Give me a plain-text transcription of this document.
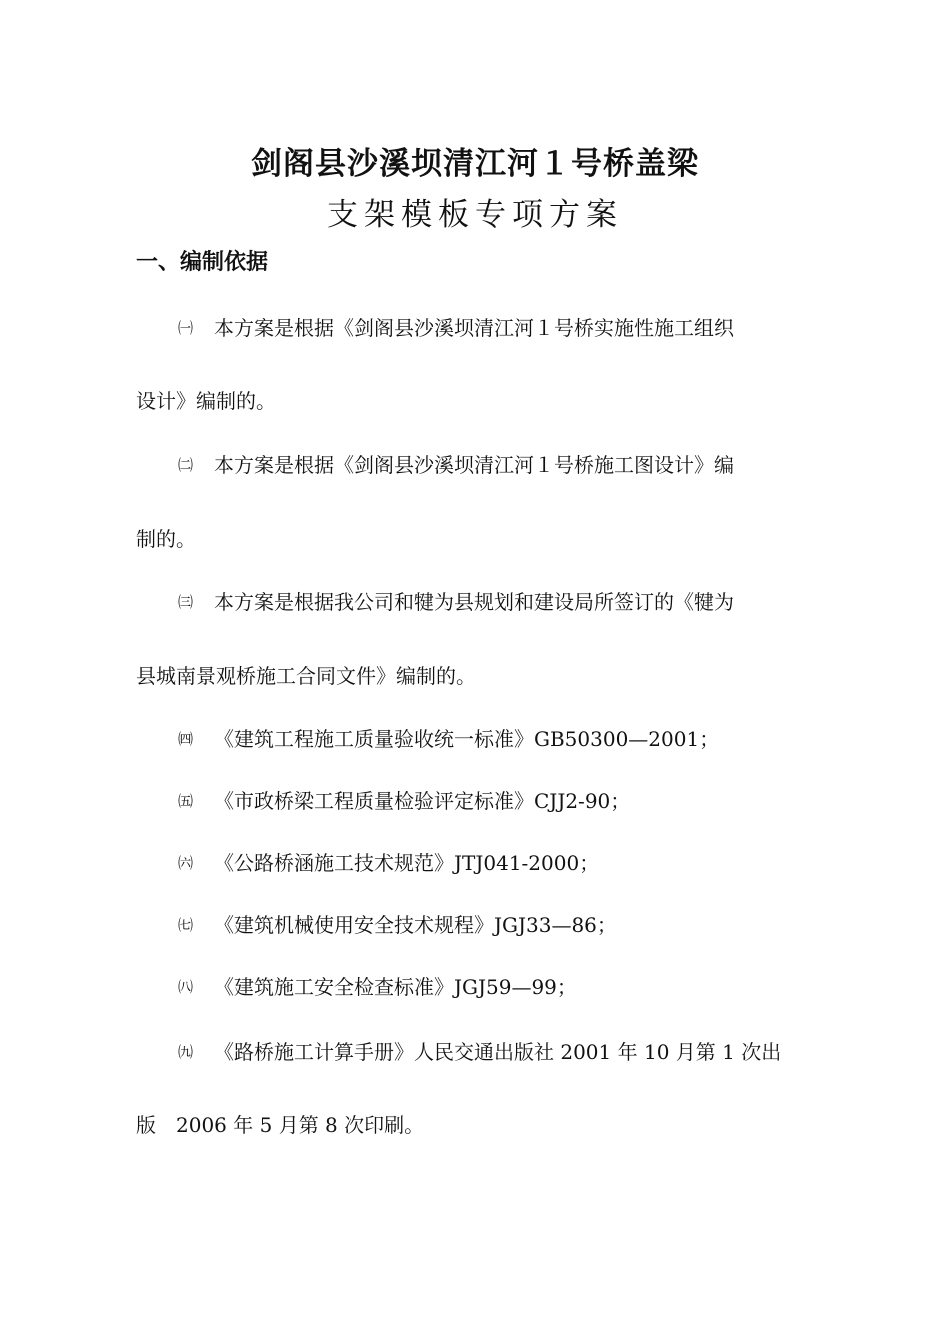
剑阁县沙溪坝清江河１号桥盖梁
支架模板专项方案
一、编制依据
㈠ 本方案是根据《剑阁县沙溪坝清江河１号桥实施性施工组织
设计》编制的。
㈡ 本方案是根据《剑阁县沙溪坝清江河１号桥施工图设计》编
制的。
㈢ 本方案是根据我公司和犍为县规划和建设局所签订的《犍为
县城南景观桥施工合同文件》编制的。
㈣ 《建筑工程施工质量验收统一标准》GB50300—2001；
㈤ 《市政桥梁工程质量检验评定标准》CJJ2-90；
㈥ 《公路桥涵施工技术规范》JTJ041-2000；
㈦ 《建筑机械使用安全技术规程》JGJ33—86；
㈧ 《建筑施工安全检查标准》JGJ59—99；
㈨ 《路桥施工计算手册》人民交通出版社 2001 年 10 月第 1 次出
版　2006 年 5 月第 8 次印刷。
